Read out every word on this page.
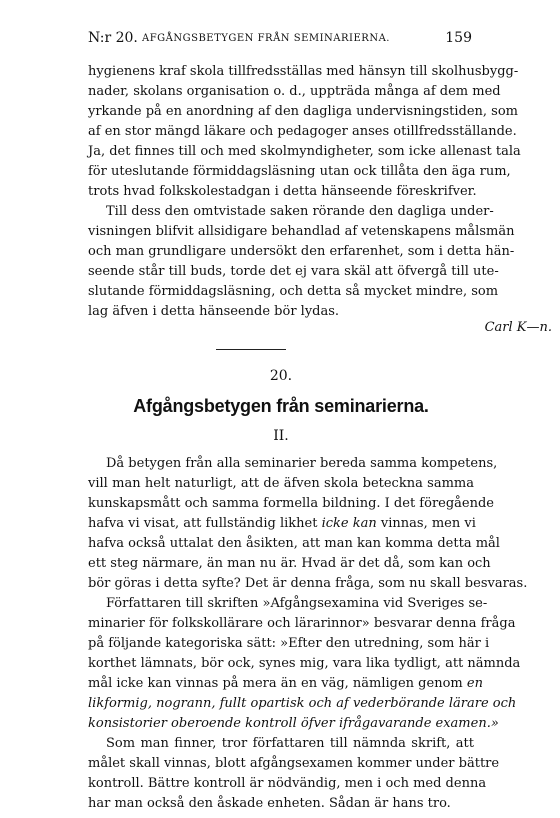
N:r 20. AFGÅNGSBETYGEN FRÅN SEMINARIERNA.	159
hygienens kraf skola tillfredsställas med hänsyn till skolhusbygg-
nader, skolans organisation o. d., uppträda många af dem med
yrkande på en anordning af den dagliga undervisningstiden, som
af en stor mängd läkare och pedagoger anses otillfredsställande.
Ja, det finnes till och med skolmyndigheter, som icke allenast tala
för uteslutande förmiddagsläsning utan ock tillåta den äga rum,
trots hvad folkskolestadgan i detta hänseende föreskrifver.
Till dess den omtvistade saken rörande den dagliga under-
visningen blifvit allsidigare behandlad af vetenskapens målsmän
och man grundligare undersökt den erfarenhet, som i detta hän-
seende står till buds, torde det ej vara skäl att öfvergå till ute-
slutande förmiddagsläsning, och detta så mycket mindre, som
lag äfven i detta hänseende bör lydas.
Carl K—n.
20.
Afgångsbetygen från seminarierna.
II.
Då betygen från alla seminarier bereda samma kompetens,
vill man helt naturligt, att de äfven skola beteckna samma
kunskapsmått och samma formella bildning. I det föregående
hafva vi visat, att fullständig likhet icke kan vinnas, men vi
hafva också uttalat den åsikten, att man kan komma detta mål
ett steg närmare, än man nu är. Hvad är det då, som kan och
bör göras i detta syfte? Det är denna fråga, som nu skall besvaras.
Författaren till skriften »Afgångsexamina vid Sveriges se-
minarier för folkskollärare och lärarinnor» besvarar denna fråga
på följande kategoriska sätt: »Efter den utredning, som här i
korthet lämnats, bör ock, synes mig, vara lika tydligt, att nämnda
mål icke kan vinnas på mera än en väg, nämligen genom en
likformig, nogrann, fullt opartisk och af vederbörande lärare och
konsistorier oberoende kontroll öfver ifrågavarande examen.»
Som man finner, tror författaren till nämnda skrift, att
målet skall vinnas, blott afgångsexamen kommer under bättre
kontroll. Bättre kontroll är nödvändig, men i och med denna
har man också den åskade enheten. Sådan är hans tro.
